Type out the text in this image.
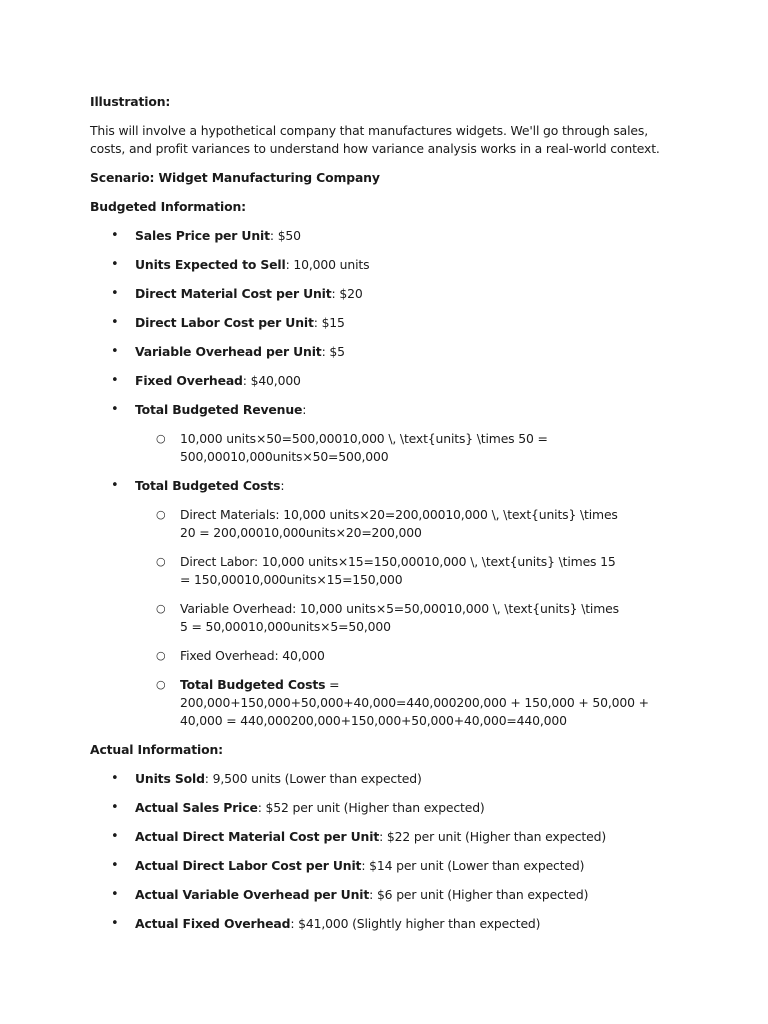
Illustration:

This will involve a hypothetical company that manufactures widgets. We'll go through sales, costs, and profit variances to understand how variance analysis works in a real-world context.

Scenario: Widget Manufacturing Company

Budgeted Information:

• Sales Price per Unit: $50
• Units Expected to Sell: 10,000 units
• Direct Material Cost per Unit: $20
• Direct Labor Cost per Unit: $15
• Variable Overhead per Unit: $5
• Fixed Overhead: $40,000
• Total Budgeted Revenue:
○ 10,000 units×50=500,00010,000 \, \text{units} \times 50 = 500,00010,000units×50=500,000
• Total Budgeted Costs:
○ Direct Materials: 10,000 units×20=200,00010,000 \, \text{units} \times 20 = 200,00010,000units×20=200,000
○ Direct Labor: 10,000 units×15=150,00010,000 \, \text{units} \times 15 = 150,00010,000units×15=150,000
○ Variable Overhead: 10,000 units×5=50,00010,000 \, \text{units} \times 5 = 50,00010,000units×5=50,000
○ Fixed Overhead: 40,000
○ Total Budgeted Costs = 200,000+150,000+50,000+40,000=440,000200,000 + 150,000 + 50,000 + 40,000 = 440,000200,000+150,000+50,000+40,000=440,000

Actual Information:

• Units Sold: 9,500 units (Lower than expected)
• Actual Sales Price: $52 per unit (Higher than expected)
• Actual Direct Material Cost per Unit: $22 per unit (Higher than expected)
• Actual Direct Labor Cost per Unit: $14 per unit (Lower than expected)
• Actual Variable Overhead per Unit: $6 per unit (Higher than expected)
• Actual Fixed Overhead: $41,000 (Slightly higher than expected)
